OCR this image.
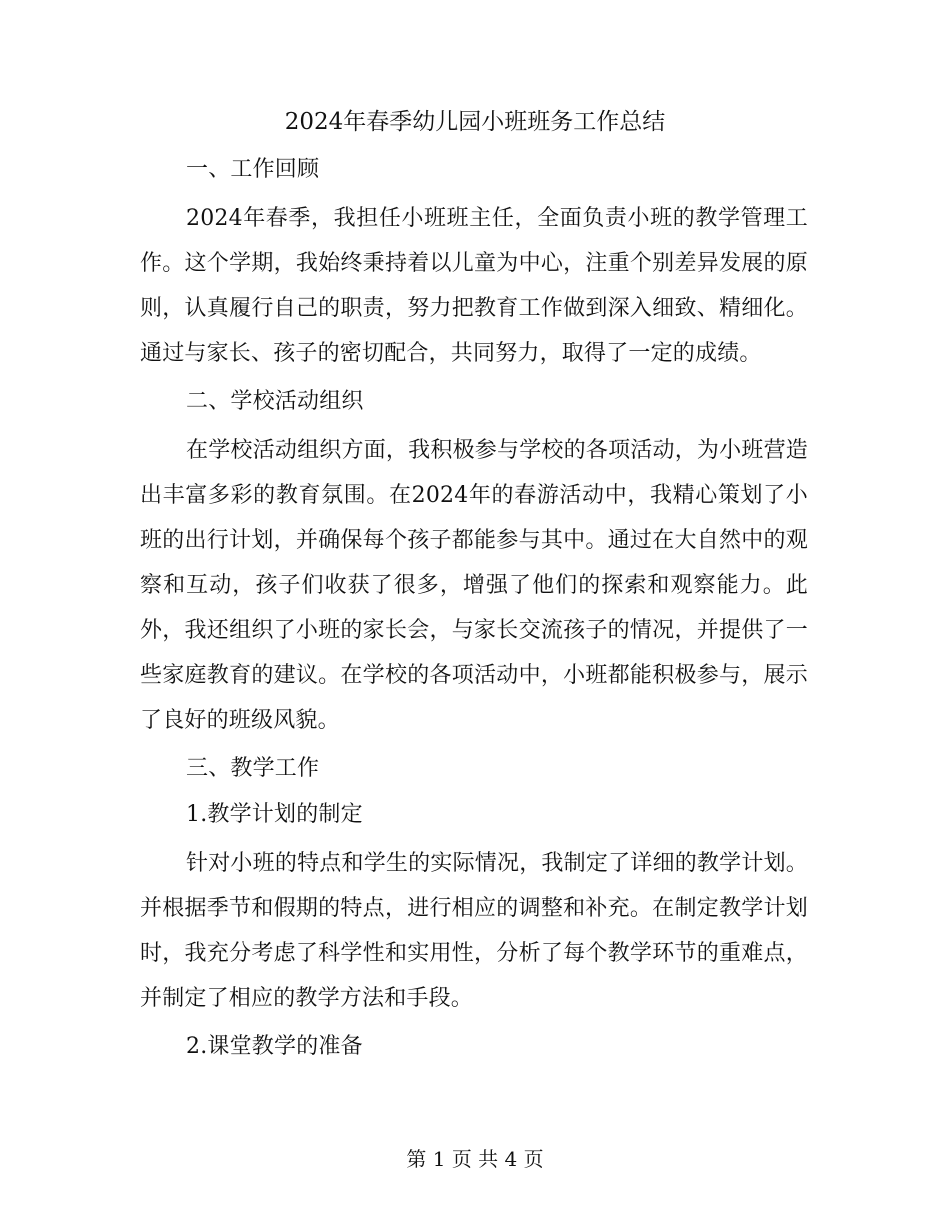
2024年春季幼儿园小班班务工作总结

一、工作回顾

2024年春季，我担任小班班主任，全面负责小班的教学管理工作。这个学期，我始终秉持着以儿童为中心，注重个别差异发展的原则，认真履行自己的职责，努力把教育工作做到深入细致、精细化。通过与家长、孩子的密切配合，共同努力，取得了一定的成绩。

二、学校活动组织

在学校活动组织方面，我积极参与学校的各项活动，为小班营造出丰富多彩的教育氛围。在2024年的春游活动中，我精心策划了小班的出行计划，并确保每个孩子都能参与其中。通过在大自然中的观察和互动，孩子们收获了很多，增强了他们的探索和观察能力。此外，我还组织了小班的家长会，与家长交流孩子的情况，并提供了一些家庭教育的建议。在学校的各项活动中，小班都能积极参与，展示了良好的班级风貌。

三、教学工作

1.教学计划的制定

针对小班的特点和学生的实际情况，我制定了详细的教学计划。并根据季节和假期的特点，进行相应的调整和补充。在制定教学计划时，我充分考虑了科学性和实用性，分析了每个教学环节的重难点，并制定了相应的教学方法和手段。

2.课堂教学的准备

第 1 页 共 4 页
